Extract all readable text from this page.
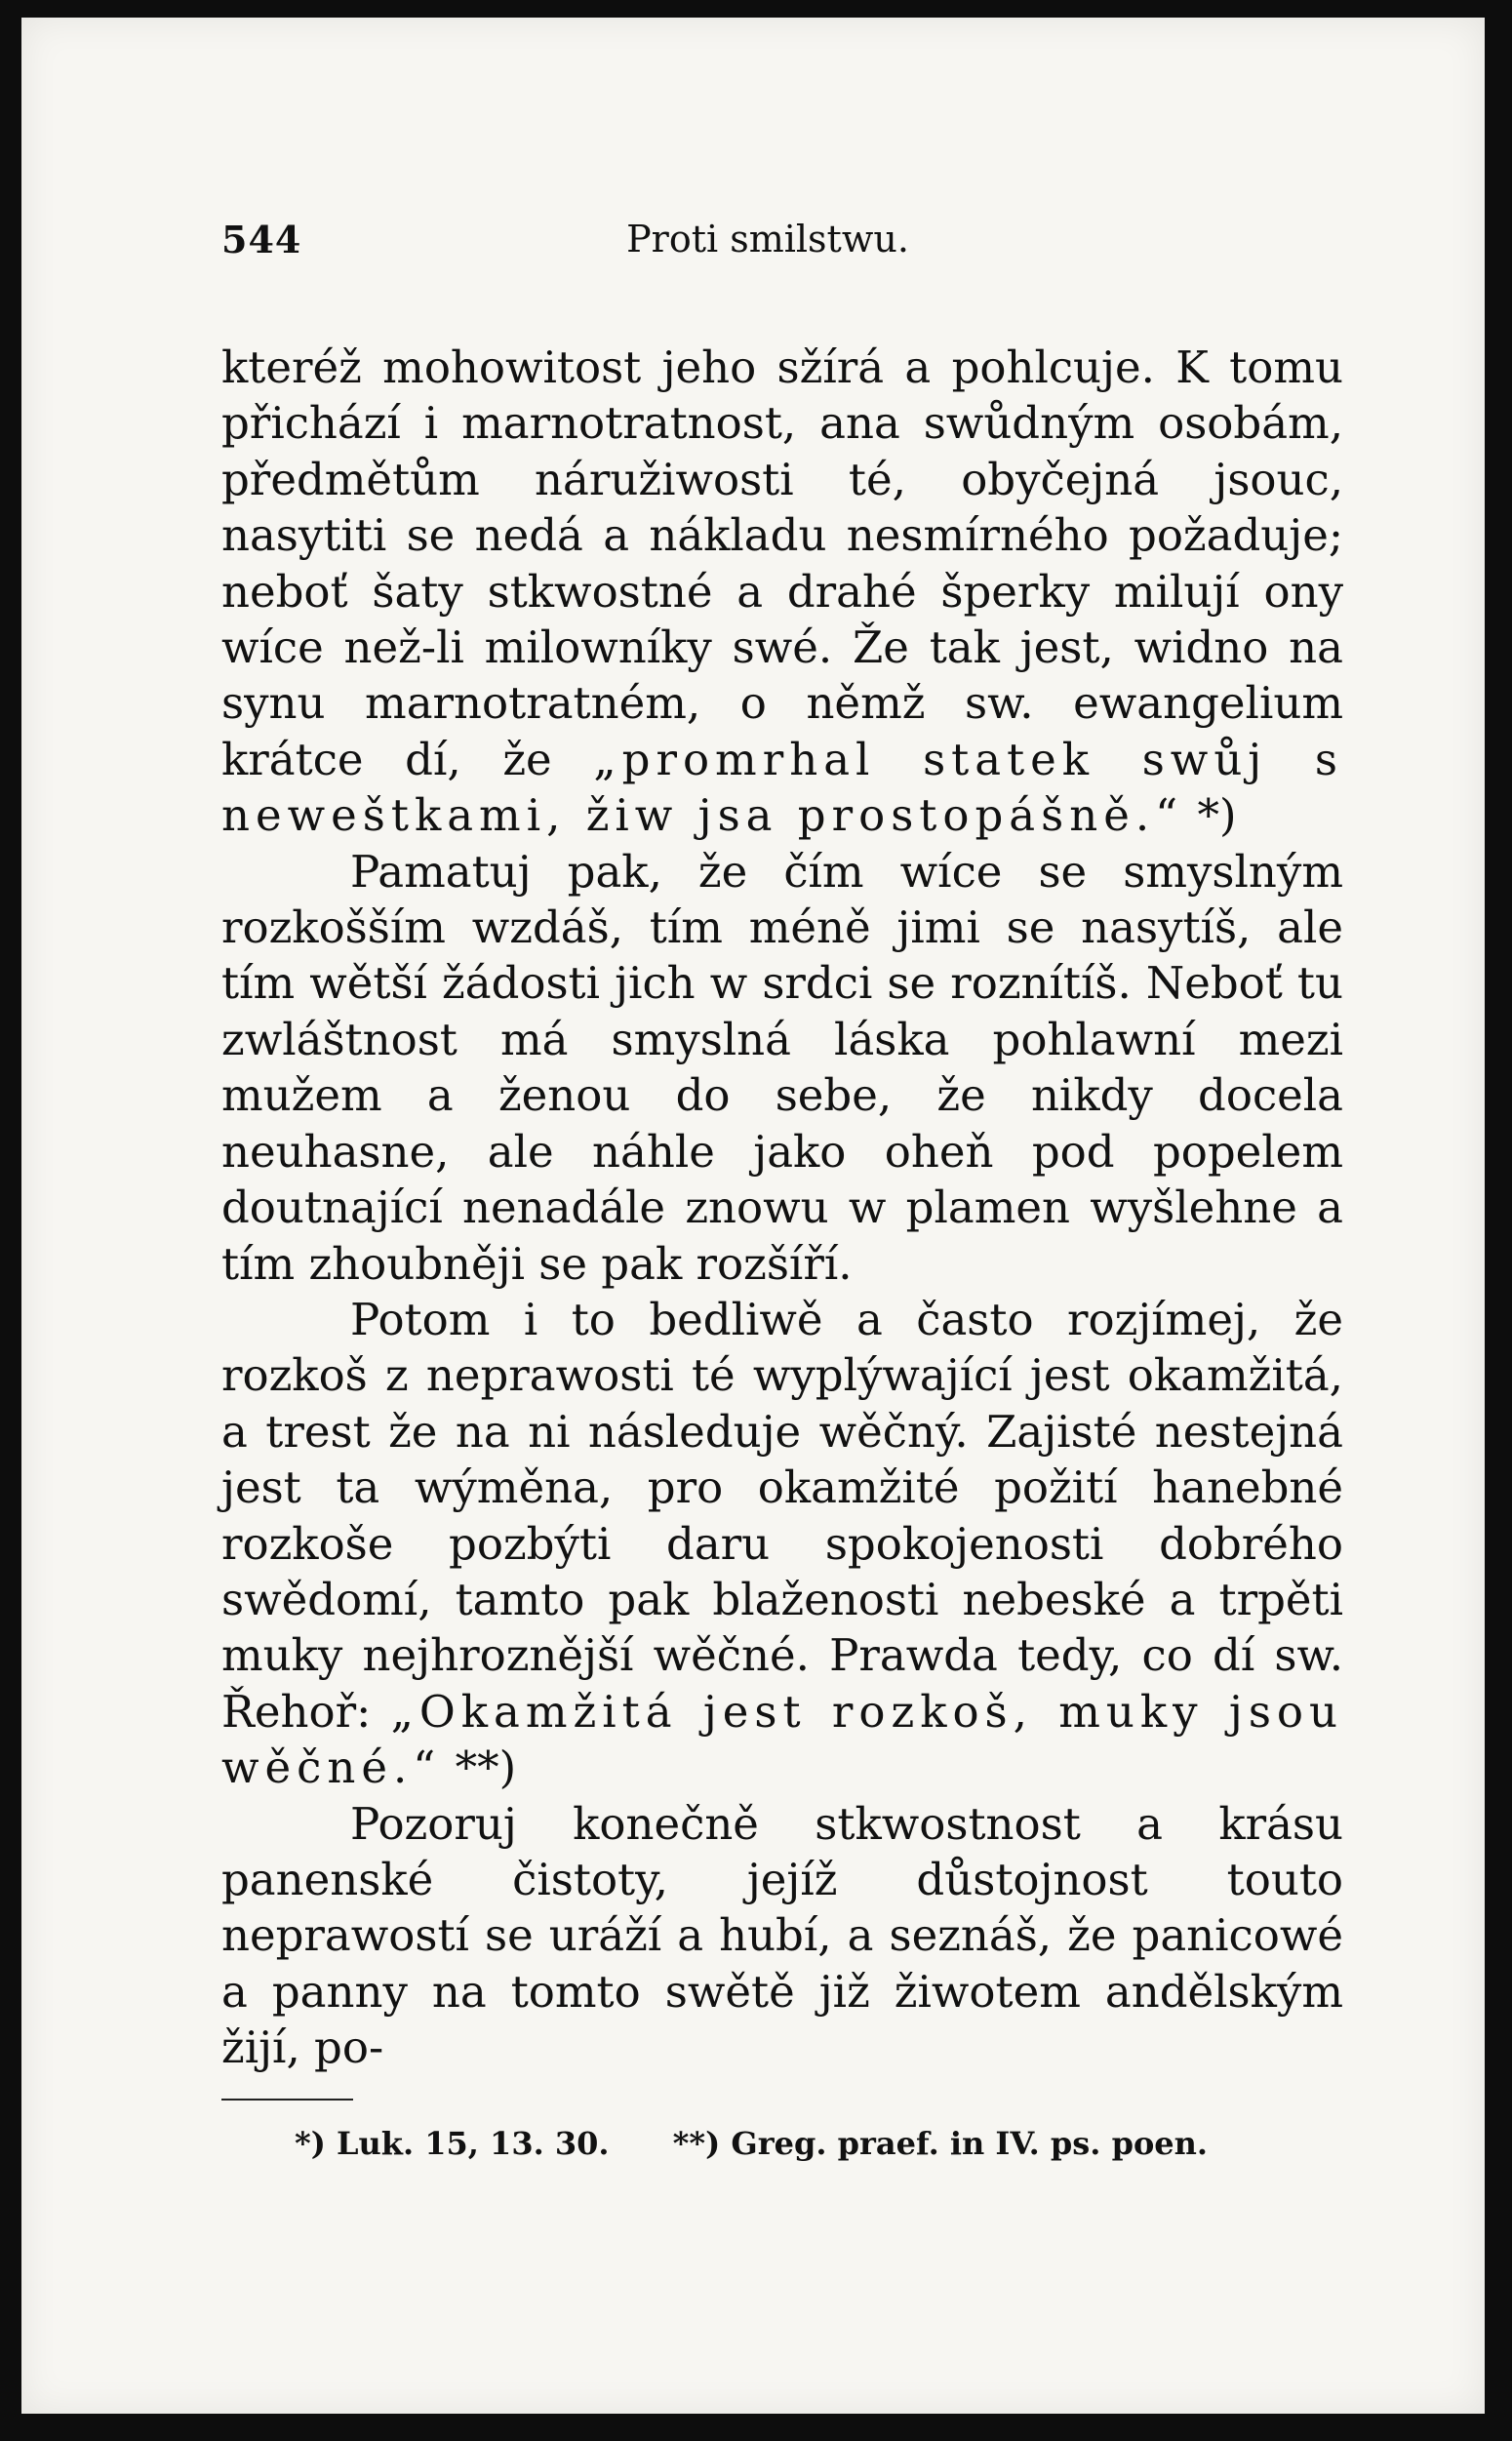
544	Proti smilstwu.

kteréž mohowitost jeho sžírá a pohlcuje. K tomu přichází i marnotratnost, ana swůdným osobám, předmětům náružiwosti té, obyčejná jsouc, nasytiti se nedá a nákladu nesmírného požaduje; neboť šaty stkwostné a drahé šperky milují ony wíce než-li milowníky swé. Že tak jest, widno na synu marnotratném, o němž sw. ewangelium krátce dí, že „promrhal statek swůj s neweštkami, žiw jsa prostopášně.“ *)

Pamatuj pak, že čím wíce se smyslným rozkošším wzdáš, tím méně jimi se nasytíš, ale tím wětší žádosti jich w srdci se roznítíš. Neboť tu zwláštnost má smyslná láska pohlawní mezi mužem a ženou do sebe, že nikdy docela neuhasne, ale náhle jako oheň pod popelem doutnající nenadále znowu w plamen wyšlehne a tím zhoubněji se pak rozšíří.

Potom i to bedliwě a často rozjímej, že rozkoš z neprawosti té wyplýwající jest okamžitá, a trest že na ni následuje wěčný. Zajisté nestejná jest ta wýměna, pro okamžité požití hanebné rozkoše pozbýti daru spokojenosti dobrého swědomí, tamto pak blaženosti nebeské a trpěti muky nejhroznější wěčné. Prawda tedy, co dí sw. Řehoř: „Okamžitá jest rozkoš, muky jsou wěčné.“ **)

Pozoruj konečně stkwostnost a krásu panenské čistoty, jejíž důstojnost touto neprawostí se uráží a hubí, a seznáš, že panicowé a panny na tomto swětě již žiwotem andělským žijí, po-

*) Luk. 15, 13. 30. **) Greg. praef. in IV. ps. poen.
